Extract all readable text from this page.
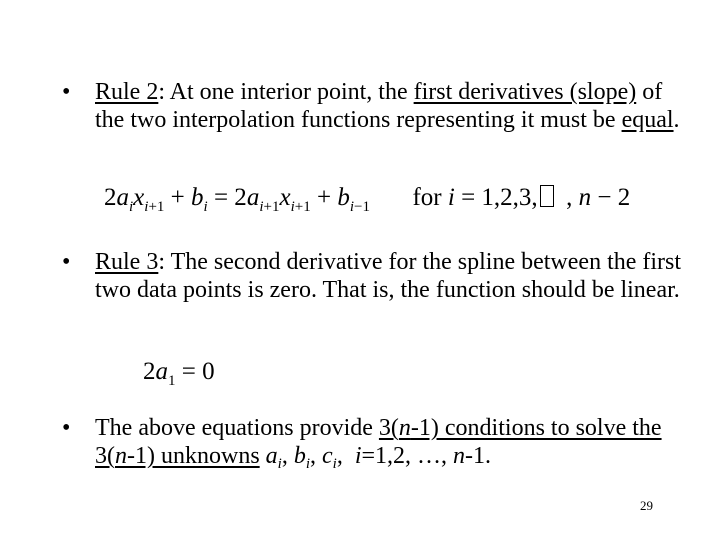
•	Rule 2: At one interior point, the first derivatives (slope) of the two interpolation functions representing it must be equal.
$2a_ix_{i+1} + b_i = 2a_{i+1}x_{i+1} + b_{i-1}$ for i = 1,2,3,  , n − 2
•	Rule 3: The second derivative for the spline between the first two data points is zero. That is, the function should be linear.
$2a_1 = 0$
•	The above equations provide 3(n-1) conditions to solve the 3(n-1) unknowns $a_i$, $b_i$, $c_i$,  i=1,2, …, n-1.
29
